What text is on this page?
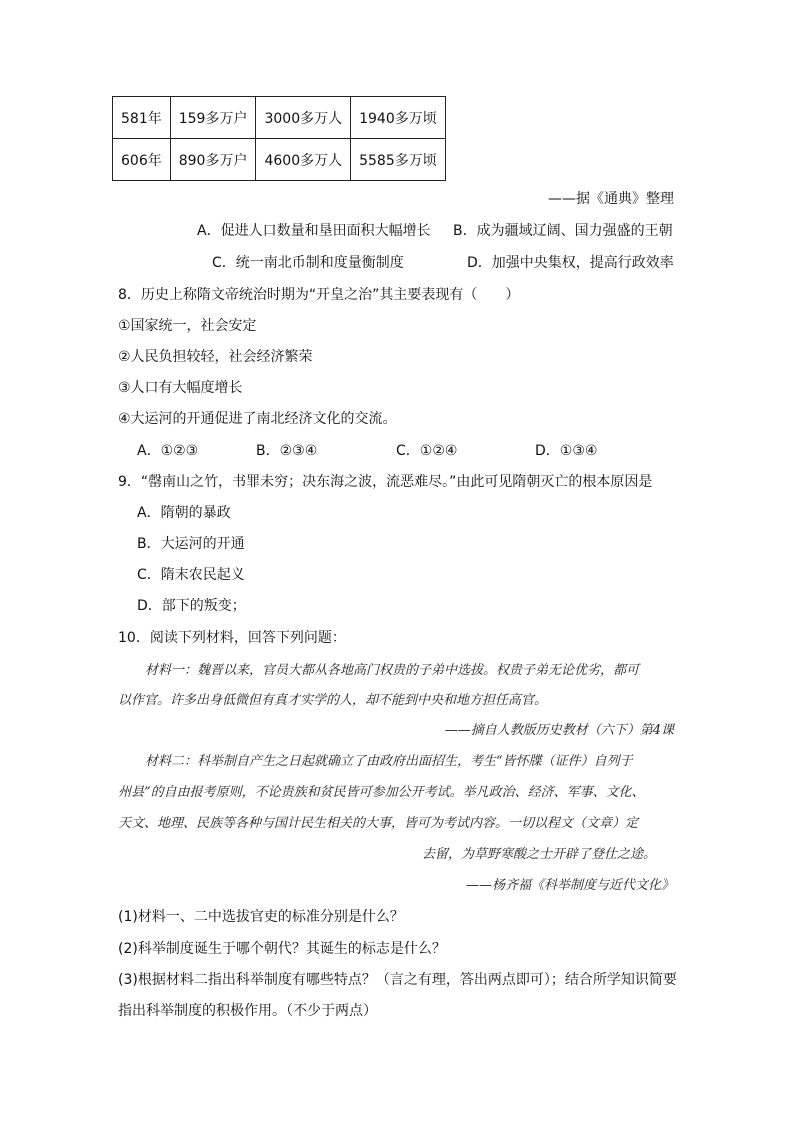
581年	159多万户	3000多万人	1940多万顷
606年	890多万户	4600多万人	5585多万顷
——据《通典》整理
A．促进人口数量和垦田面积大幅增长 B．成为疆域辽阔、国力强盛的王朝
C．统一南北币制和度量衡制度	D．加强中央集权，提高行政效率
8．历史上称隋文帝统治时期为“开皇之治”其主要表现有（　　）
①国家统一，社会安定
②人民负担较轻，社会经济繁荣
③人口有大幅度增长
④大运河的开通促进了南北经济文化的交流。
A．①②③	B．②③④	C．①②④	D．①③④
9．“罄南山之竹，书罪未穷；决东海之波，流恶难尽。”由此可见隋朝灭亡的根本原因是
A．隋朝的暴政
B．大运河的开通
C．隋末农民起义
D．部下的叛变；
10．阅读下列材料，回答下列问题：
材料一：魏晋以来，官员大都从各地高门权贵的子弟中选拔。权贵子弟无论优劣，都可
以作官。许多出身低微但有真才实学的人，却不能到中央和地方担任高官。
——摘自人教版历史教材（六下）第4课
材料二：科举制自产生之日起就确立了由政府出面招生，考生“皆怀牒（证件）自列于
州县”的自由报考原则，不论贵族和贫民皆可参加公开考试。举凡政治、经济、军事、文化、
天文、地理、民族等各种与国计民生相关的大事，皆可为考试内容。一切以程文（文章）定
去留，为草野寒酸之士开辟了登仕之途。
——杨齐福《科举制度与近代文化》
(1)材料一、二中选拔官吏的标准分别是什么？
(2)科举制度诞生于哪个朝代？其诞生的标志是什么？
(3)根据材料二指出科举制度有哪些特点？（言之有理，答出两点即可）；结合所学知识简要
指出科举制度的积极作用。（不少于两点）
